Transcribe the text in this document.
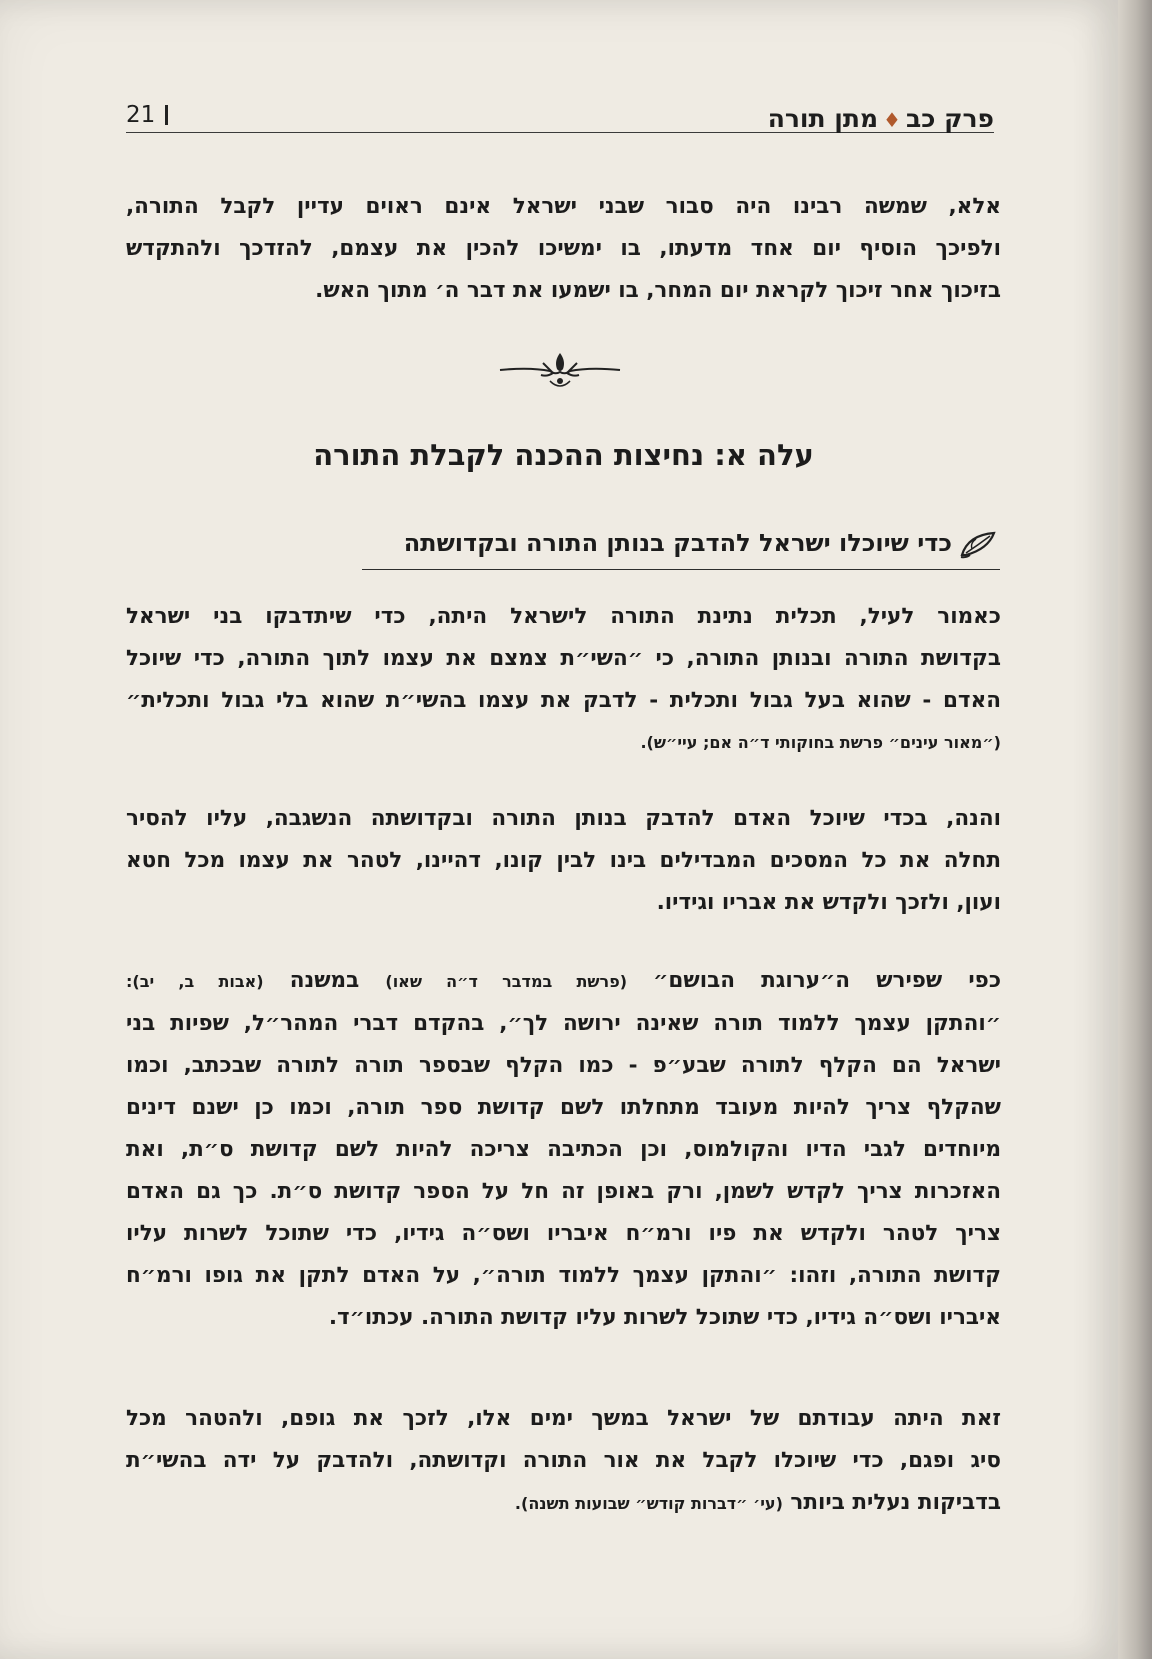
פרק כב♦מתן תורה
21
אלא, שמשה רבינו היה סבור שבני ישראל אינם ראוים עדיין לקבל התורה,
ולפיכך הוסיף יום אחד מדעתו, בו ימשיכו להכין את עצמם, להזדכך ולהתקדש
בזיכוך אחר זיכוך לקראת יום המחר, בו ישמעו את דבר ה׳ מתוך האש.
עלה א: נחיצות ההכנה לקבלת התורה
כדי שיוכלו ישראל להדבק בנותן התורה ובקדושתה
כאמור לעיל, תכלית נתינת התורה לישראל היתה, כדי שיתדבקו בני ישראל
בקדושת התורה ובנותן התורה, כי ״השי״ת צמצם את עצמו לתוך התורה, כדי שיוכל
האדם - שהוא בעל גבול ותכלית - לדבק את עצמו בהשי״ת שהוא בלי גבול ותכלית״
(״מאור עינים״ פרשת בחוקותי ד״ה אם; עיי״ש).
והנה, בכדי שיוכל האדם להדבק בנותן התורה ובקדושתה הנשגבה, עליו להסיר
תחלה את כל המסכים המבדילים בינו לבין קונו, דהיינו, לטהר את עצמו מכל חטא
ועון, ולזכך ולקדש את אבריו וגידיו.
כפי שפירש ה״ערוגת הבושם״ (פרשת במדבר ד״ה שאו) במשנה (אבות ב, יב):
״והתקן עצמך ללמוד תורה שאינה ירושה לך״, בהקדם דברי המהר״ל, שפיות בני
ישראל הם הקלף לתורה שבע״פ - כמו הקלף שבספר תורה לתורה שבכתב, וכמו
שהקלף צריך להיות מעובד מתחלתו לשם קדושת ספר תורה, וכמו כן ישנם דינים
מיוחדים לגבי הדיו והקולמוס, וכן הכתיבה צריכה להיות לשם קדושת ס״ת, ואת
האזכרות צריך לקדש לשמן, ורק באופן זה חל על הספר קדושת ס״ת. כך גם האדם
צריך לטהר ולקדש את פיו ורמ״ח איבריו ושס״ה גידיו, כדי שתוכל לשרות עליו
קדושת התורה, וזהו: ״והתקן עצמך ללמוד תורה״, על האדם לתקן את גופו ורמ״ח
איבריו ושס״ה גידיו, כדי שתוכל לשרות עליו קדושת התורה. עכתו״ד.
זאת היתה עבודתם של ישראל במשך ימים אלו, לזכך את גופם, ולהטהר מכל
סיג ופגם, כדי שיוכלו לקבל את אור התורה וקדושתה, ולהדבק על ידה בהשי״ת
בדביקות נעלית ביותר (עי׳ ״דברות קודש״ שבועות תשנה).
